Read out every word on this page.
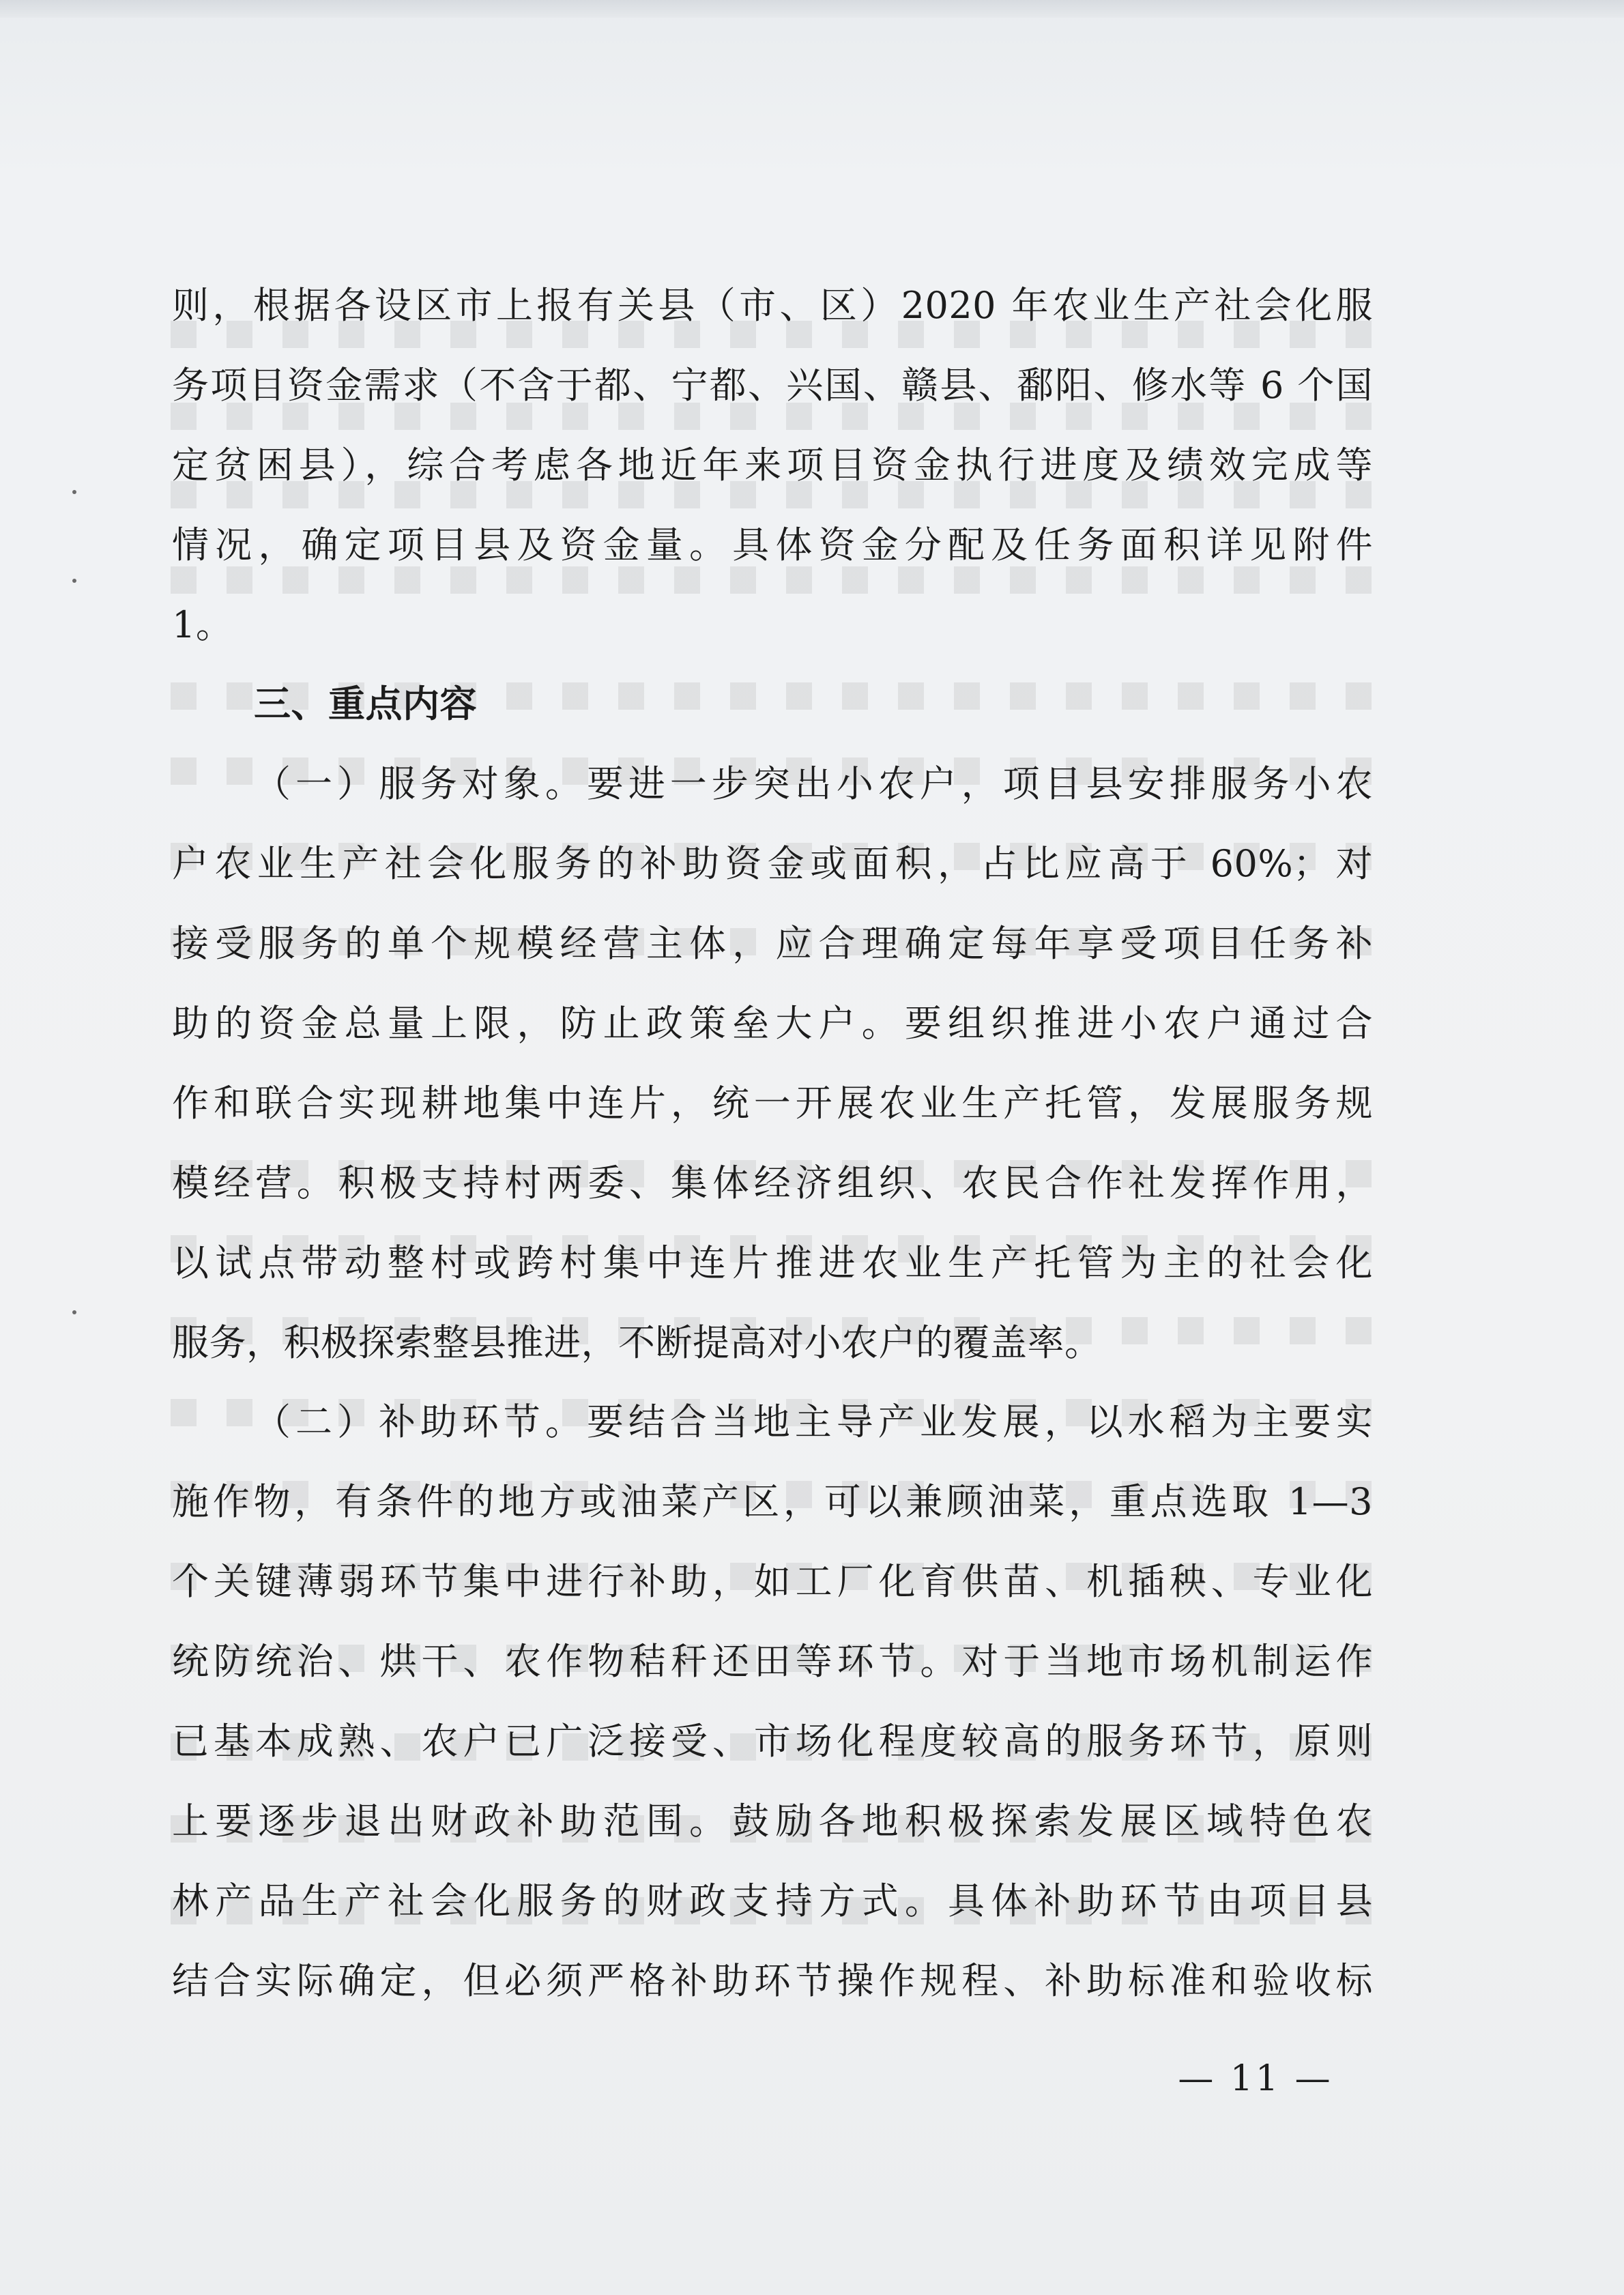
则，根据各设区市上报有关县（市、区）2020 年农业生产社会化服
务项目资金需求（不含于都、宁都、兴国、赣县、鄱阳、修水等 6 个国
定贫困县），综合考虑各地近年来项目资金执行进度及绩效完成等
情况，确定项目县及资金量。具体资金分配及任务面积详见附件
1。
三、重点内容
（一）服务对象。要进一步突出小农户，项目县安排服务小农
户农业生产社会化服务的补助资金或面积，占比应高于 60%；对
接受服务的单个规模经营主体，应合理确定每年享受项目任务补
助的资金总量上限，防止政策垒大户。要组织推进小农户通过合
作和联合实现耕地集中连片，统一开展农业生产托管，发展服务规
模经营。积极支持村两委、集体经济组织、农民合作社发挥作用，
以试点带动整村或跨村集中连片推进农业生产托管为主的社会化
服务，积极探索整县推进，不断提高对小农户的覆盖率。
（二）补助环节。要结合当地主导产业发展，以水稻为主要实
施作物，有条件的地方或油菜产区，可以兼顾油菜，重点选取 1—3
个关键薄弱环节集中进行补助，如工厂化育供苗、机插秧、专业化
统防统治、烘干、农作物秸秆还田等环节。对于当地市场机制运作
已基本成熟、农户已广泛接受、市场化程度较高的服务环节，原则
上要逐步退出财政补助范围。鼓励各地积极探索发展区域特色农
林产品生产社会化服务的财政支持方式。具体补助环节由项目县
结合实际确定，但必须严格补助环节操作规程、补助标准和验收标
— 11 —
